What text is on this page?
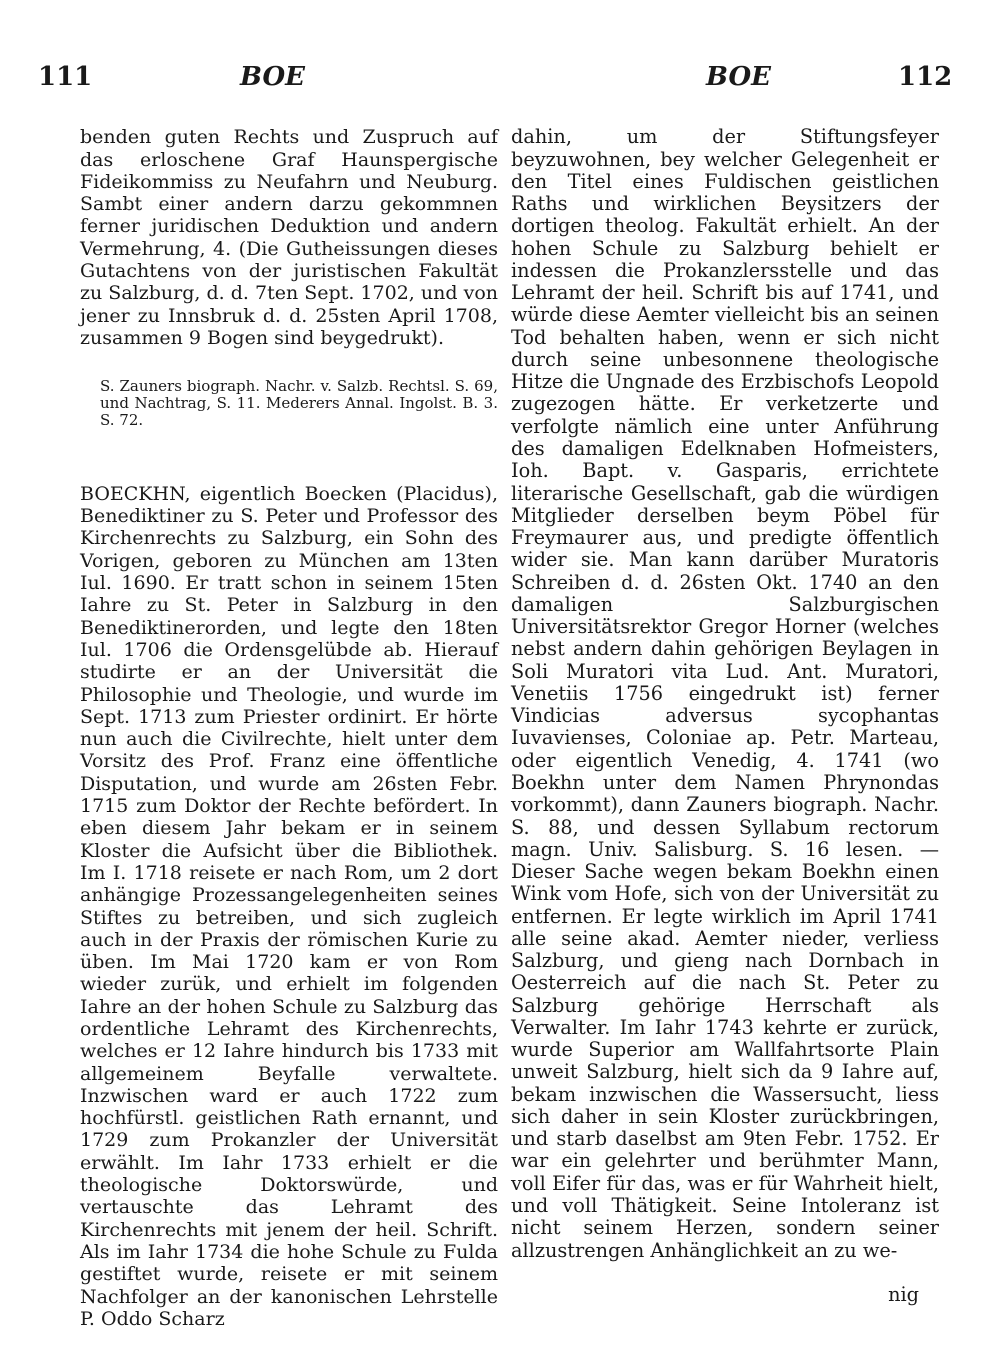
111	BOE	BOE	112

benden guten Rechts und Zuspruch auf das erloschene Graf Haunspergische Fideikommiss zu Neufahrn und Neuburg. Sambt einer andern darzu gekommnen ferner juridischen Deduktion und andern Vermehrung, 4. (Die Gutheissungen dieses Gutachtens von der juristischen Fakultät zu Salzburg, d. d. 7ten Sept. 1702, und von jener zu Innsbruk d. d. 25sten April 1708, zusammen 9 Bogen sind beygedrukt).

S. Zauners biograph. Nachr. v. Salzb. Rechtsl. S. 69, und Nachtrag, S. 11. Mederers Annal. Ingolst. B. 3. S. 72.

BOECKHN, eigentlich Boecken (Placidus), Benediktiner zu S. Peter und Professor des Kirchenrechts zu Salzburg, ein Sohn des Vorigen, geboren zu München am 13ten Iul. 1690. Er tratt schon in seinem 15ten Iahre zu St. Peter in Salzburg in den Benediktinerorden, und legte den 18ten Iul. 1706 die Ordensgelübde ab. Hierauf studirte er an der Universität die Philosophie und Theologie, und wurde im Sept. 1713 zum Priester ordinirt. Er hörte nun auch die Civilrechte, hielt unter dem Vorsitz des Prof. Franz eine öffentliche Disputation, und wurde am 26sten Febr. 1715 zum Doktor der Rechte befördert. In eben diesem Jahr bekam er in seinem Kloster die Aufsicht über die Bibliothek. Im I. 1718 reisete er nach Rom, um 2 dort anhängige Prozessangelegenheiten seines Stiftes zu betreiben, und sich zugleich auch in der Praxis der römischen Kurie zu üben. Im Mai 1720 kam er von Rom wieder zurük, und erhielt im folgenden Iahre an der hohen Schule zu Salzburg das ordentliche Lehramt des Kirchenrechts, welches er 12 Iahre hindurch bis 1733 mit allgemeinem Beyfalle verwaltete. Inzwischen ward er auch 1722 zum hochfürstl. geistlichen Rath ernannt, und 1729 zum Prokanzler der Universität erwählt. Im Iahr 1733 erhielt er die theologische Doktorswürde, und vertauschte das Lehramt des Kirchenrechts mit jenem der heil. Schrift. Als im Iahr 1734 die hohe Schule zu Fulda gestiftet wurde, reisete er mit seinem Nachfolger an der kanonischen Lehrstelle P. Oddo Scharz

dahin, um der Stiftungsfeyer beyzuwohnen, bey welcher Gelegenheit er den Titel eines Fuldischen geistlichen Raths und wirklichen Beysitzers der dortigen theolog. Fakultät erhielt. An der hohen Schule zu Salzburg behielt er indessen die Prokanzlersstelle und das Lehramt der heil. Schrift bis auf 1741, und würde diese Aemter vielleicht bis an seinen Tod behalten haben, wenn er sich nicht durch seine unbesonnene theologische Hitze die Ungnade des Erzbischofs Leopold zugezogen hätte. Er verketzerte und verfolgte nämlich eine unter Anführung des damaligen Edelknaben Hofmeisters, Ioh. Bapt. v. Gasparis, errichtete literarische Gesellschaft, gab die würdigen Mitglieder derselben beym Pöbel für Freymaurer aus, und predigte öffentlich wider sie. Man kann darüber Muratoris Schreiben d. d. 26sten Okt. 1740 an den damaligen Salzburgischen Universitätsrektor Gregor Horner (welches nebst andern dahin gehörigen Beylagen in Soli Muratori vita Lud. Ant. Muratori, Venetiis 1756 eingedrukt ist) ferner Vindicias adversus sycophantas Iuvavienses, Coloniae ap. Petr. Marteau, oder eigentlich Venedig, 4. 1741 (wo Boekhn unter dem Namen Phrynondas vorkommt), dann Zauners biograph. Nachr. S. 88, und dessen Syllabum rectorum magn. Univ. Salisburg. S. 16 lesen. — Dieser Sache wegen bekam Boekhn einen Wink vom Hofe, sich von der Universität zu entfernen. Er legte wirklich im April 1741 alle seine akad. Aemter nieder, verliess Salzburg, und gieng nach Dornbach in Oesterreich auf die nach St. Peter zu Salzburg gehörige Herrschaft als Verwalter. Im Iahr 1743 kehrte er zurück, wurde Superior am Wallfahrtsorte Plain unweit Salzburg, hielt sich da 9 Iahre auf, bekam inzwischen die Wassersucht, liess sich daher in sein Kloster zurückbringen, und starb daselbst am 9ten Febr. 1752. Er war ein gelehrter und berühmter Mann, voll Eifer für das, was er für Wahrheit hielt, und voll Thätigkeit. Seine Intoleranz ist nicht seinem Herzen, sondern seiner allzustrengen Anhänglichkeit an zu we-

nig
